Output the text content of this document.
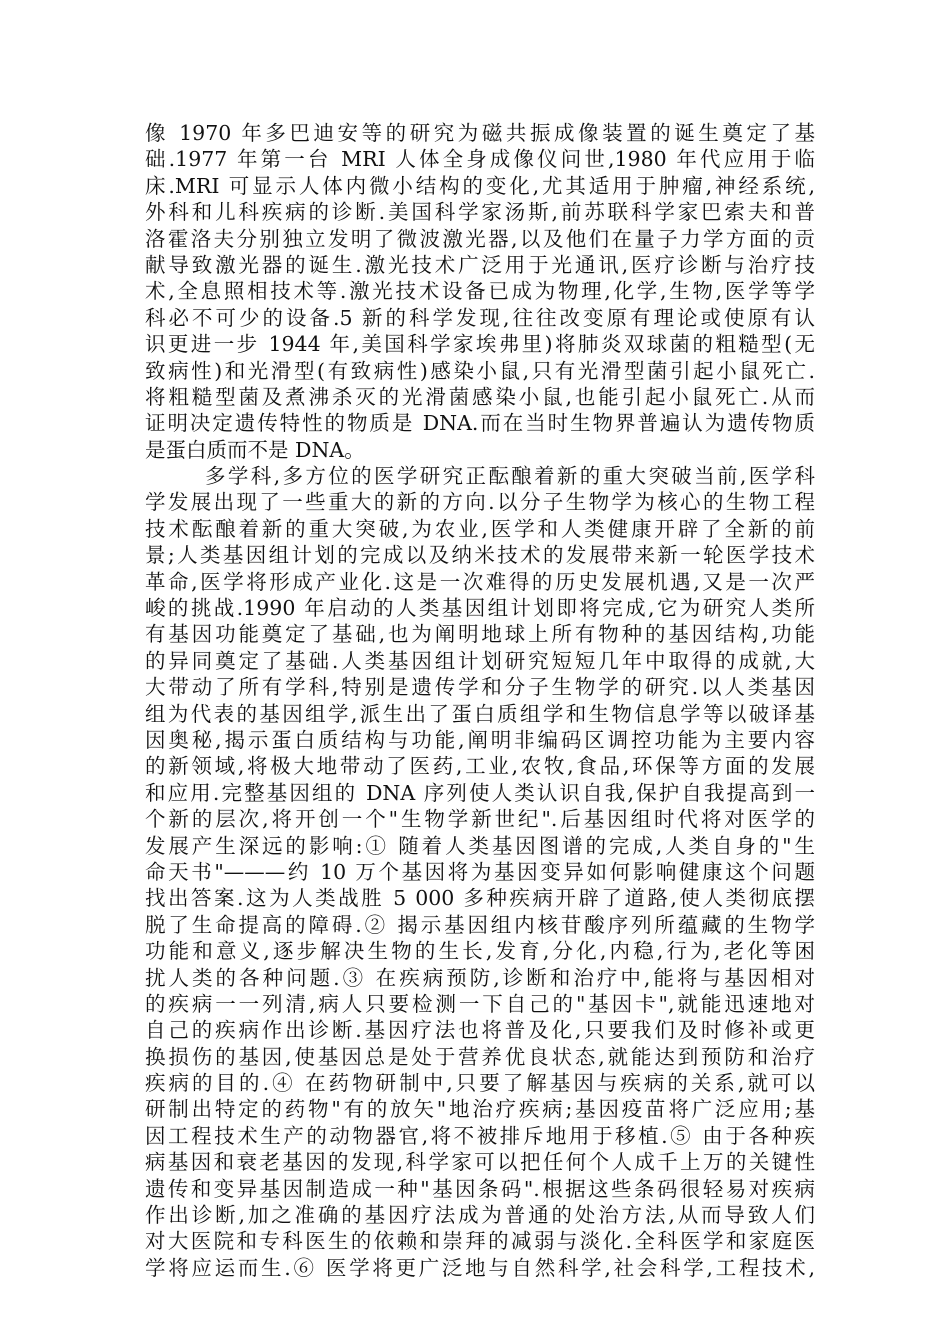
像 1970 年多巴迪安等的研究为磁共振成像装置的诞生奠定了基
础.1977 年第一台 MRI 人体全身成像仪问世,1980 年代应用于临
床.MRI 可显示人体内微小结构的变化,尤其适用于肿瘤,神经系统,
外科和儿科疾病的诊断.美国科学家汤斯,前苏联科学家巴索夫和普
洛霍洛夫分别独立发明了微波激光器,以及他们在量子力学方面的贡
献导致激光器的诞生.激光技术广泛用于光通讯,医疗诊断与治疗技
术,全息照相技术等.激光技术设备已成为物理,化学,生物,医学等学
科必不可少的设备.5 新的科学发现,往往改变原有理论或使原有认
识更进一步 1944 年,美国科学家埃弗里)将肺炎双球菌的粗糙型(无
致病性)和光滑型(有致病性)感染小鼠,只有光滑型菌引起小鼠死亡.
将粗糙型菌及煮沸杀灭的光滑菌感染小鼠,也能引起小鼠死亡.从而
证明决定遗传特性的物质是 DNA.而在当时生物界普遍认为遗传物质
是蛋白质而不是 DNA。
多学科,多方位的医学研究正酝酿着新的重大突破当前,医学科
学发展出现了一些重大的新的方向.以分子生物学为核心的生物工程
技术酝酿着新的重大突破,为农业,医学和人类健康开辟了全新的前
景;人类基因组计划的完成以及纳米技术的发展带来新一轮医学技术
革命,医学将形成产业化.这是一次难得的历史发展机遇,又是一次严
峻的挑战.1990 年启动的人类基因组计划即将完成,它为研究人类所
有基因功能奠定了基础,也为阐明地球上所有物种的基因结构,功能
的异同奠定了基础.人类基因组计划研究短短几年中取得的成就,大
大带动了所有学科,特别是遗传学和分子生物学的研究.以人类基因
组为代表的基因组学,派生出了蛋白质组学和生物信息学等以破译基
因奥秘,揭示蛋白质结构与功能,阐明非编码区调控功能为主要内容
的新领域,将极大地带动了医药,工业,农牧,食品,环保等方面的发展
和应用.完整基因组的 DNA 序列使人类认识自我,保护自我提高到一
个新的层次,将开创一个"生物学新世纪".后基因组时代将对医学的
发展产生深远的影响:① 随着人类基因图谱的完成,人类自身的"生
命天书"———约 10 万个基因将为基因变异如何影响健康这个问题
找出答案.这为人类战胜 5 000 多种疾病开辟了道路,使人类彻底摆
脱了生命提高的障碍.② 揭示基因组内核苷酸序列所蕴藏的生物学
功能和意义,逐步解决生物的生长,发育,分化,内稳,行为,老化等困
扰人类的各种问题.③ 在疾病预防,诊断和治疗中,能将与基因相对
的疾病一一列清,病人只要检测一下自己的"基因卡",就能迅速地对
自己的疾病作出诊断.基因疗法也将普及化,只要我们及时修补或更
换损伤的基因,使基因总是处于营养优良状态,就能达到预防和治疗
疾病的目的.④ 在药物研制中,只要了解基因与疾病的关系,就可以
研制出特定的药物"有的放矢"地治疗疾病;基因疫苗将广泛应用;基
因工程技术生产的动物器官,将不被排斥地用于移植.⑤ 由于各种疾
病基因和衰老基因的发现,科学家可以把任何个人成千上万的关键性
遗传和变异基因制造成一种"基因条码".根据这些条码很轻易对疾病
作出诊断,加之准确的基因疗法成为普通的处治方法,从而导致人们
对大医院和专科医生的依赖和崇拜的减弱与淡化.全科医学和家庭医
学将应运而生.⑥ 医学将更广泛地与自然科学,社会科学,工程技术,
